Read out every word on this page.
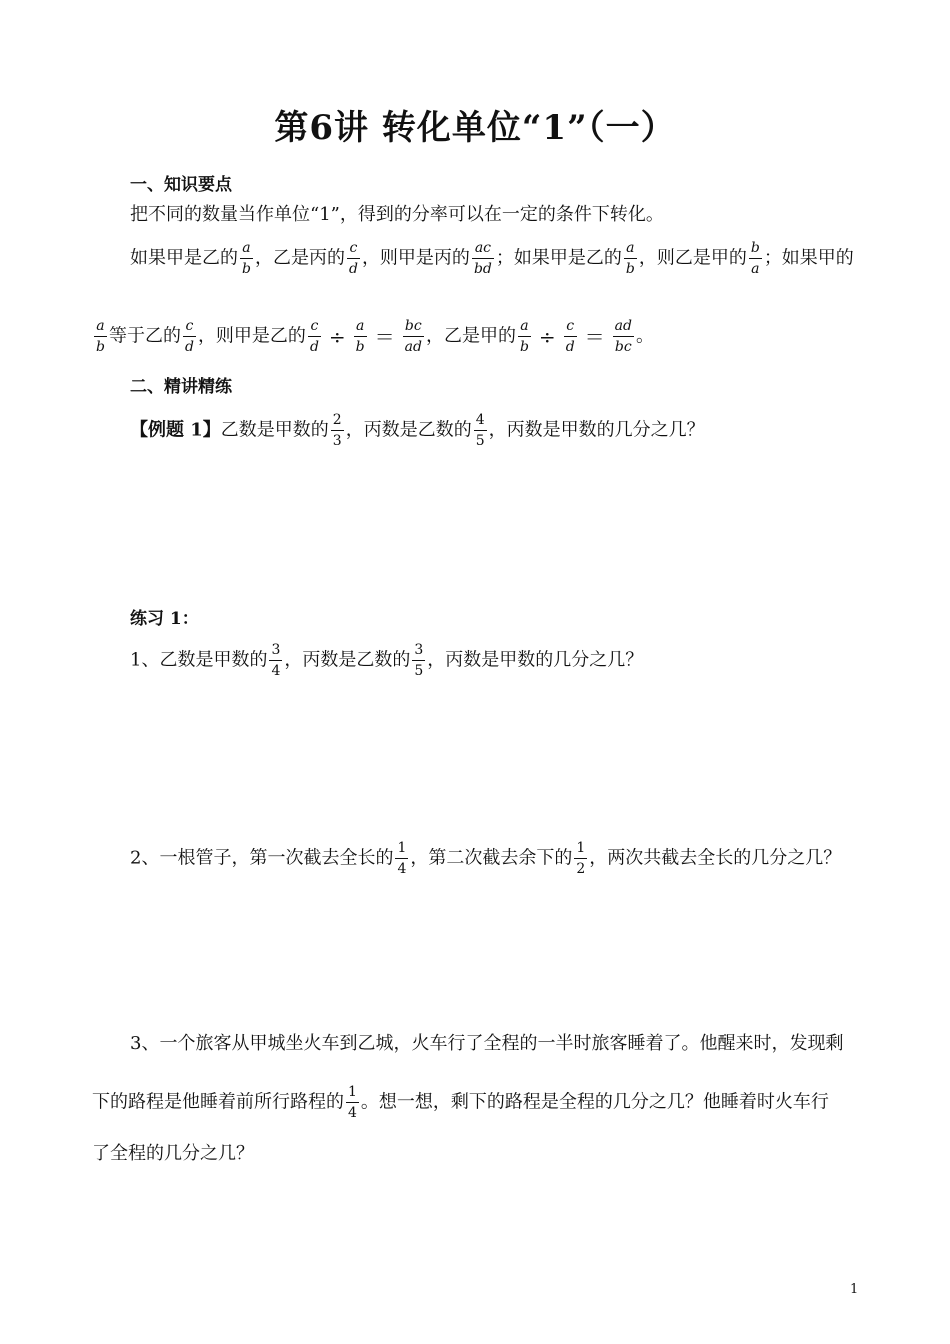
第6讲 转化单位“1”（一）
一、知识要点
把不同的数量当作单位“1”，得到的分率可以在一定的条件下转化。
如果甲是乙的 $\frac{a}{b}$ ，乙是丙的 $\frac{c}{d}$ ，则甲是丙的 $\frac{ac}{bd}$ ；如果甲是乙的 $\frac{a}{b}$ ，则乙是甲的 $\frac{b}{a}$ ；如果甲的
$\frac{a}{b}$ 等于乙的 $\frac{c}{d}$ ，则甲是乙的 $\frac{c}{d} \div \frac{a}{b} = \frac{bc}{ad}$ ，乙是甲的 $\frac{a}{b} \div \frac{c}{d} = \frac{ad}{bc}$ 。
二、精讲精练
【例题 1】乙数是甲数的 $\frac{2}{3}$ ，丙数是乙数的 $\frac{4}{5}$ ，丙数是甲数的几分之几？
练习 1：
1、乙数是甲数的 $\frac{3}{4}$ ，丙数是乙数的 $\frac{3}{5}$ ，丙数是甲数的几分之几？
2、一根管子，第一次截去全长的 $\frac{1}{4}$ ，第二次截去余下的 $\frac{1}{2}$ ，两次共截去全长的几分之几？
3、一个旅客从甲城坐火车到乙城，火车行了全程的一半时旅客睡着了。他醒来时，发现剩
下的路程是他睡着前所行路程的 $\frac{1}{4}$ 。想一想，剩下的路程是全程的几分之几？他睡着时火车行
了全程的几分之几？
1
